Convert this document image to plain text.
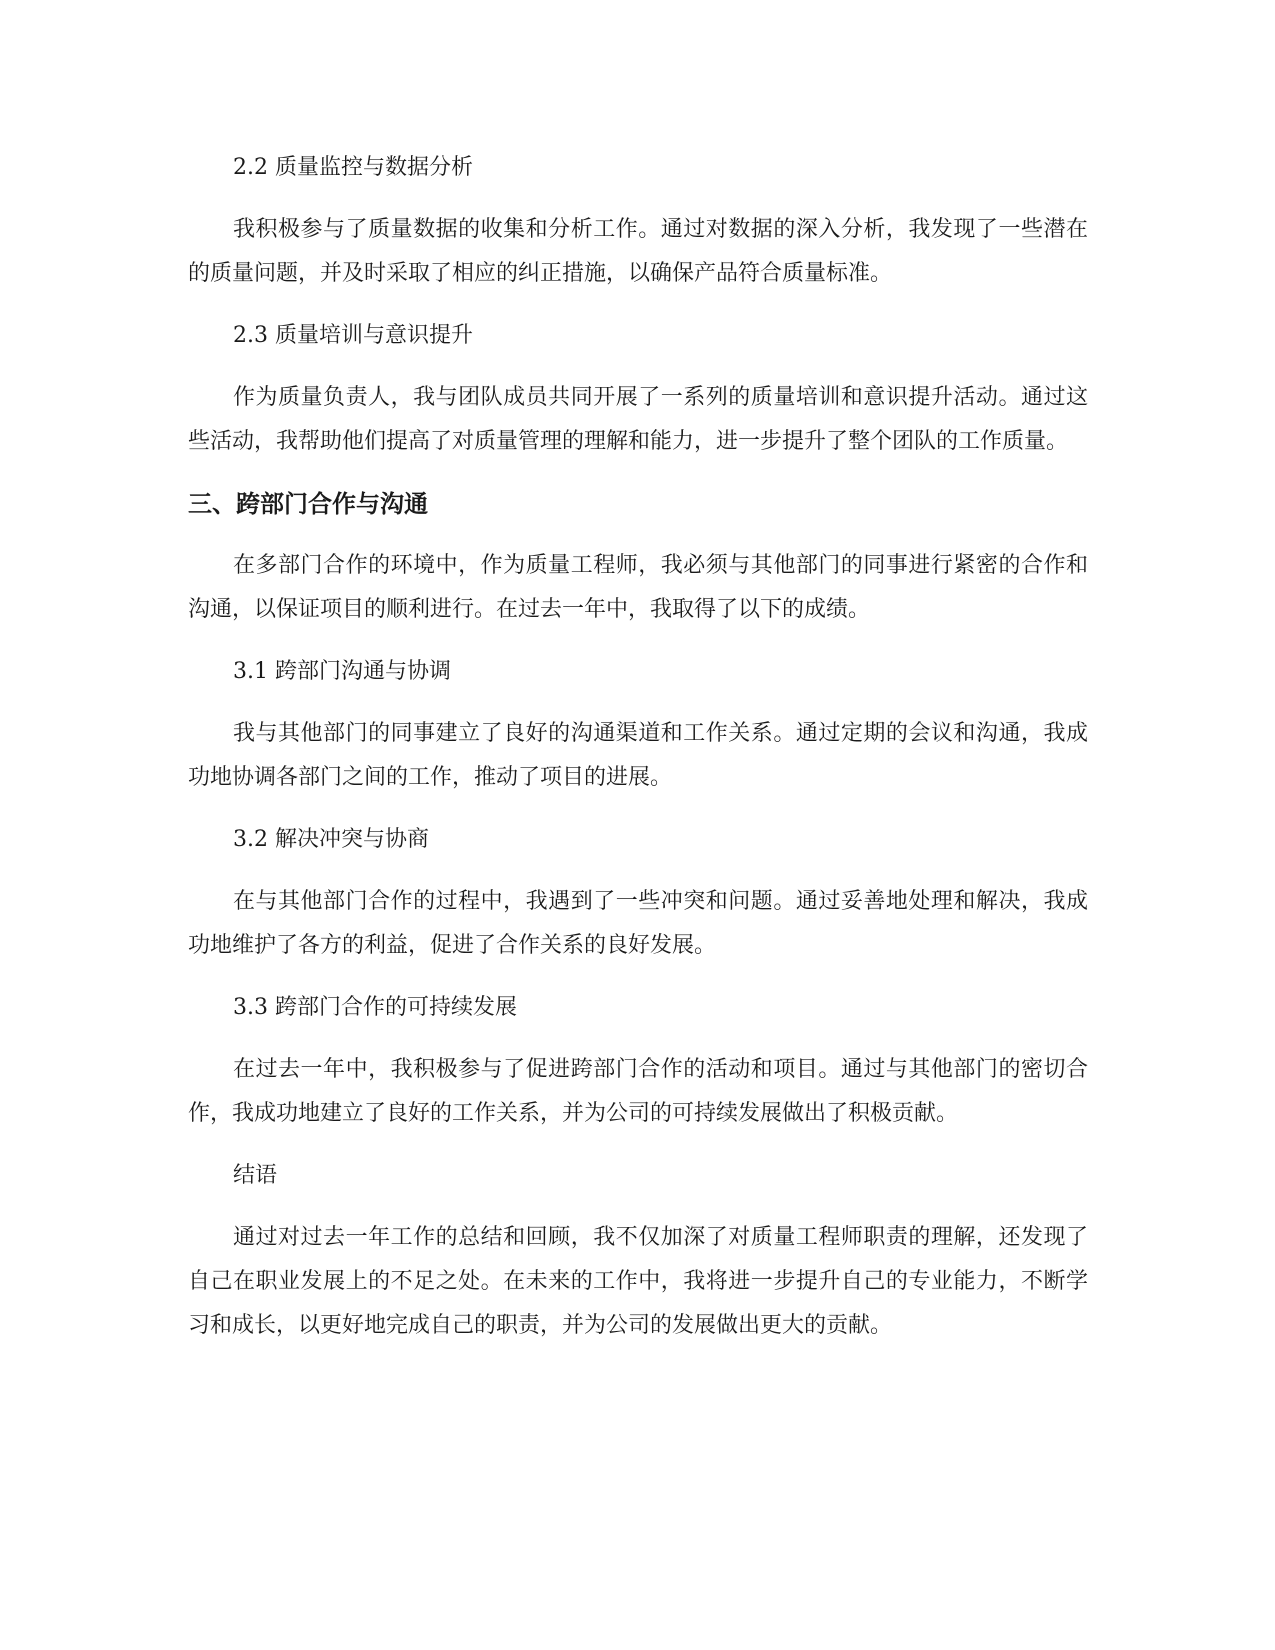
2.2 质量监控与数据分析

我积极参与了质量数据的收集和分析工作。通过对数据的深入分析，我发现了一些潜在的质量问题，并及时采取了相应的纠正措施，以确保产品符合质量标准。

2.3 质量培训与意识提升

作为质量负责人，我与团队成员共同开展了一系列的质量培训和意识提升活动。通过这些活动，我帮助他们提高了对质量管理的理解和能力，进一步提升了整个团队的工作质量。

三、跨部门合作与沟通

在多部门合作的环境中，作为质量工程师，我必须与其他部门的同事进行紧密的合作和沟通，以保证项目的顺利进行。在过去一年中，我取得了以下的成绩。

3.1 跨部门沟通与协调

我与其他部门的同事建立了良好的沟通渠道和工作关系。通过定期的会议和沟通，我成功地协调各部门之间的工作，推动了项目的进展。

3.2 解决冲突与协商

在与其他部门合作的过程中，我遇到了一些冲突和问题。通过妥善地处理和解决，我成功地维护了各方的利益，促进了合作关系的良好发展。

3.3 跨部门合作的可持续发展

在过去一年中，我积极参与了促进跨部门合作的活动和项目。通过与其他部门的密切合作，我成功地建立了良好的工作关系，并为公司的可持续发展做出了积极贡献。

结语

通过对过去一年工作的总结和回顾，我不仅加深了对质量工程师职责的理解，还发现了自己在职业发展上的不足之处。在未来的工作中，我将进一步提升自己的专业能力，不断学习和成长，以更好地完成自己的职责，并为公司的发展做出更大的贡献。
